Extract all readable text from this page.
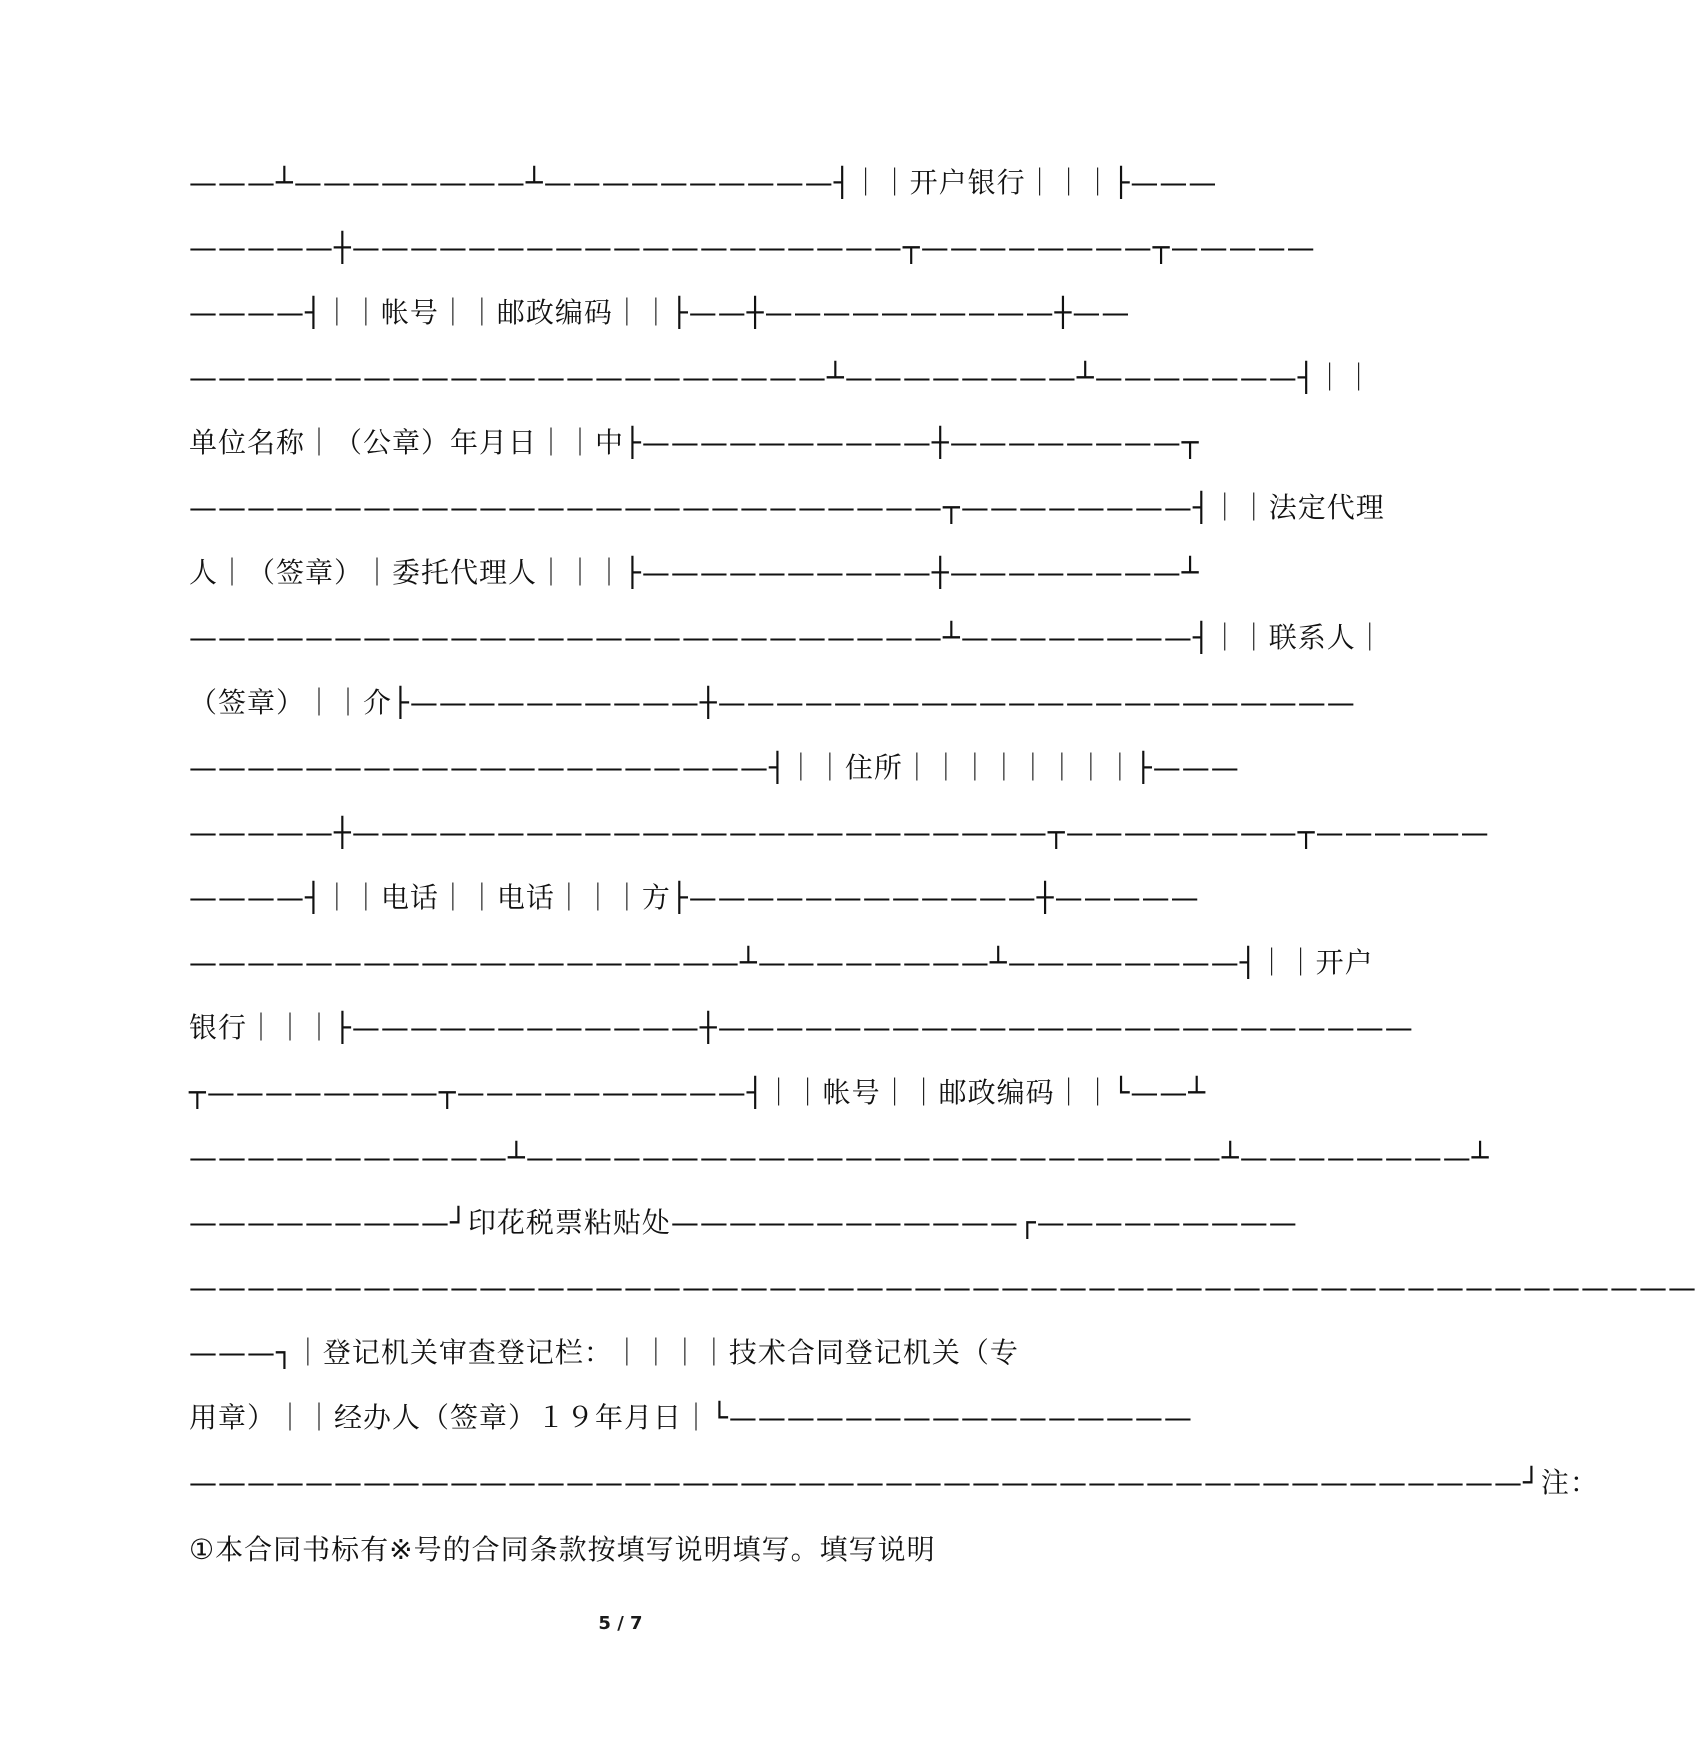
———┴————————┴——————————┤｜｜开户银行｜｜｜├———
—————┼———————————————————┬————————┬—————
————┤｜｜帐号｜｜邮政编码｜｜├——┼——————————┼——
——————————————————————┴————————┴———————┤｜｜
单位名称｜（公章）年月日｜｜中├——————————┼————————┬
——————————————————————————┬————————┤｜｜法定代理
人｜（签章）｜委托代理人｜｜｜├——————————┼————————┴
——————————————————————————┴————————┤｜｜联系人｜
（签章）｜｜介├——————————┼——————————————————————
————————————————————┤｜｜住所｜｜｜｜｜｜｜｜├———
—————┼————————————————————————┬————————┬——————
————┤｜｜电话｜｜电话｜｜｜方├————————————┼—————
———————————————————┴————————┴————————┤｜｜开户
银行｜｜｜├————————————┼————————————————————————
┬————————┬——————————┤｜｜帐号｜｜邮政编码｜｜└——┴
———————————┴————————————————————————┴————————┴
—————————┘印花税票粘贴处————————————┌—————————
————————————————————————————————————————————————————
———┐｜登记机关审查登记栏：｜｜｜｜技术合同登记机关（专
用章）｜｜经办人（签章）１９年月日｜└————————————————
——————————————————————————————————————————————┘注：
①本合同书标有※号的合同条款按填写说明填写。填写说明
5 / 7
